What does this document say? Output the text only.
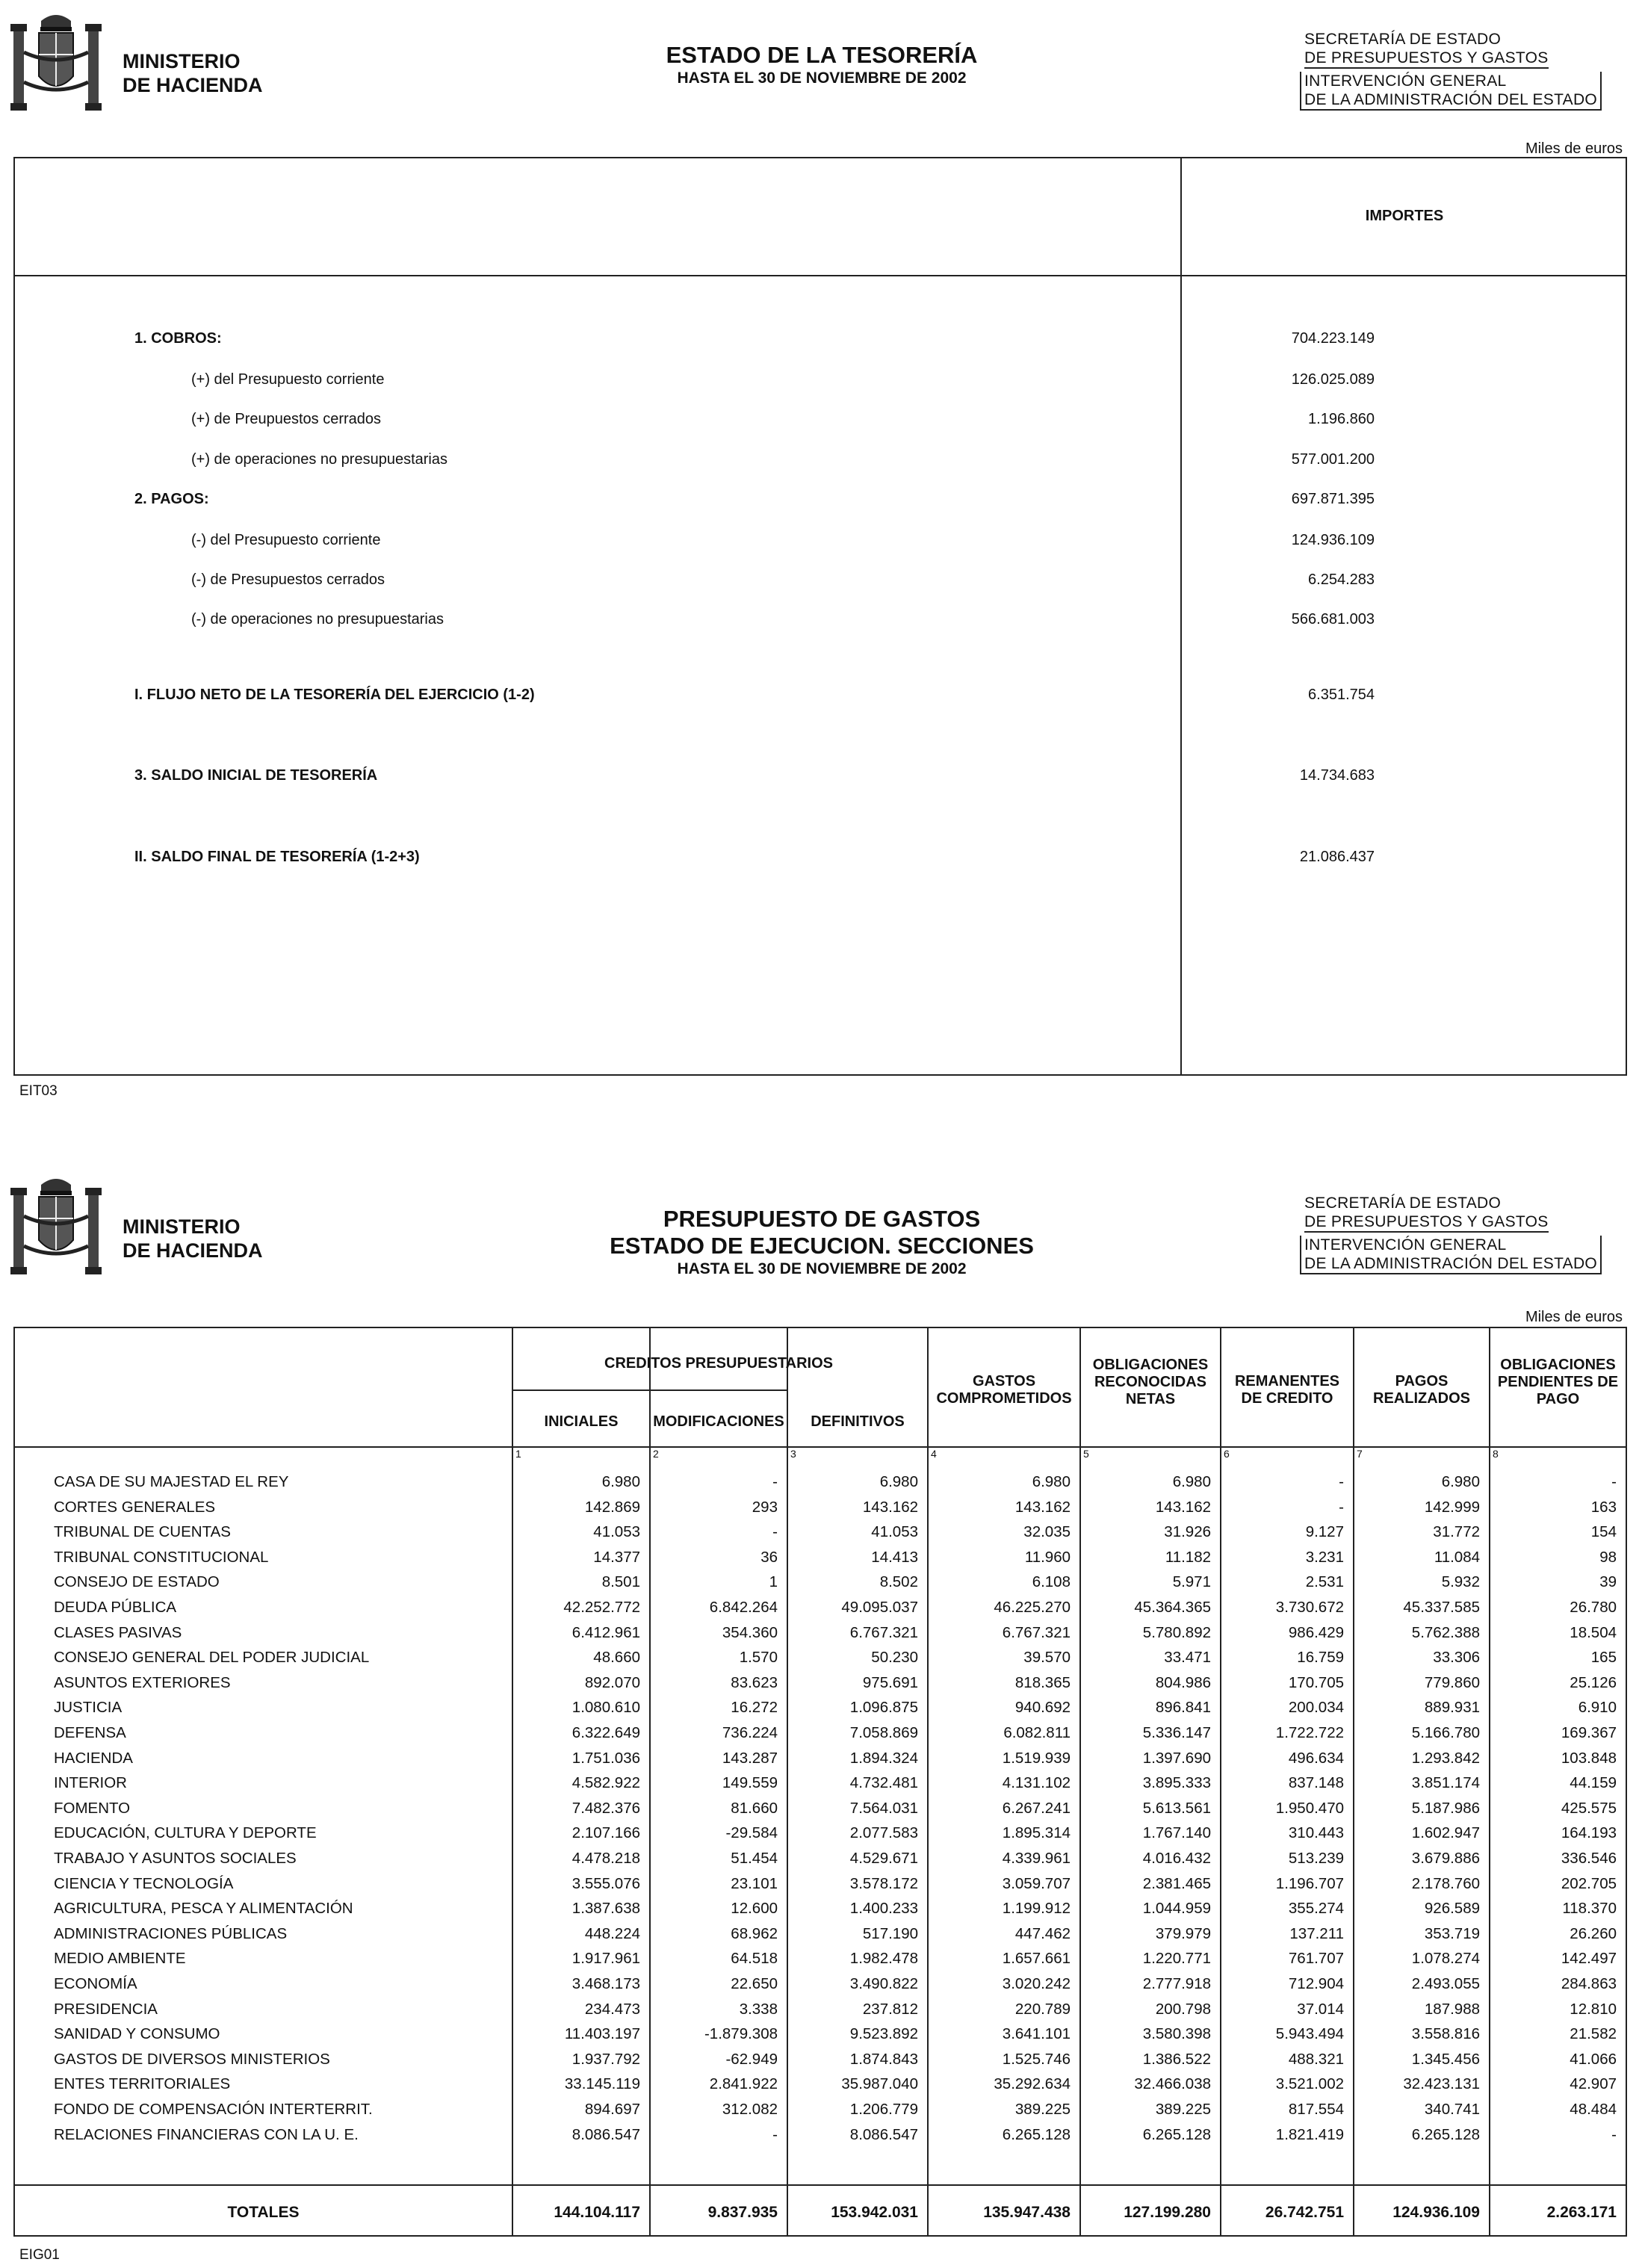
MINISTERIO
DE HACIENDA
ESTADO DE LA TESORERÍA
HASTA EL 30 DE NOVIEMBRE DE 2002
SECRETARÍA DE ESTADO
DE PRESUPUESTOS Y GASTOS
INTERVENCIÓN GENERAL
DE LA ADMINISTRACIÓN DEL ESTADO
Miles de euros
IMPORTES
1. COBROS:	704.223.149
(+) del Presupuesto corriente	126.025.089
(+) de Preupuestos cerrados	1.196.860
(+) de operaciones no presupuestarias	577.001.200
2. PAGOS:	697.871.395
(-) del Presupuesto corriente	124.936.109
(-) de Presupuestos cerrados	6.254.283
(-) de operaciones no presupuestarias	566.681.003
I. FLUJO NETO DE LA TESORERÍA DEL EJERCICIO (1-2)	6.351.754
3. SALDO INICIAL DE TESORERÍA	14.734.683
II. SALDO FINAL DE TESORERÍA (1-2+3)	21.086.437
EIT03
MINISTERIO
DE HACIENDA
PRESUPUESTO DE GASTOS
ESTADO DE EJECUCION. SECCIONES
HASTA EL 30 DE NOVIEMBRE DE 2002
SECRETARÍA DE ESTADO
DE PRESUPUESTOS Y GASTOS
INTERVENCIÓN GENERAL
DE LA ADMINISTRACIÓN DEL ESTADO
Miles de euros
CREDITOS PRESUPUESTARIOS
INICIALES	MODIFICACIONES	DEFINITIVOS
GASTOS
COMPROMETIDOS
OBLIGACIONES
RECONOCIDAS
NETAS
REMANENTES
DE CREDITO
PAGOS
REALIZADOS
OBLIGACIONES
PENDIENTES DE
PAGO
1	2	3	4	5	6	7	8
CASA DE SU MAJESTAD EL REY	6.980	-	6.980	6.980	6.980	-	6.980	-
CORTES GENERALES	142.869	293	143.162	143.162	143.162	-	142.999	163
TRIBUNAL DE CUENTAS	41.053	-	41.053	32.035	31.926	9.127	31.772	154
TRIBUNAL CONSTITUCIONAL	14.377	36	14.413	11.960	11.182	3.231	11.084	98
CONSEJO DE ESTADO	8.501	1	8.502	6.108	5.971	2.531	5.932	39
DEUDA PÚBLICA	42.252.772	6.842.264	49.095.037	46.225.270	45.364.365	3.730.672	45.337.585	26.780
CLASES PASIVAS	6.412.961	354.360	6.767.321	6.767.321	5.780.892	986.429	5.762.388	18.504
CONSEJO GENERAL DEL PODER JUDICIAL	48.660	1.570	50.230	39.570	33.471	16.759	33.306	165
ASUNTOS EXTERIORES	892.070	83.623	975.691	818.365	804.986	170.705	779.860	25.126
JUSTICIA	1.080.610	16.272	1.096.875	940.692	896.841	200.034	889.931	6.910
DEFENSA	6.322.649	736.224	7.058.869	6.082.811	5.336.147	1.722.722	5.166.780	169.367
HACIENDA	1.751.036	143.287	1.894.324	1.519.939	1.397.690	496.634	1.293.842	103.848
INTERIOR	4.582.922	149.559	4.732.481	4.131.102	3.895.333	837.148	3.851.174	44.159
FOMENTO	7.482.376	81.660	7.564.031	6.267.241	5.613.561	1.950.470	5.187.986	425.575
EDUCACIÓN, CULTURA Y DEPORTE	2.107.166	-29.584	2.077.583	1.895.314	1.767.140	310.443	1.602.947	164.193
TRABAJO Y ASUNTOS SOCIALES	4.478.218	51.454	4.529.671	4.339.961	4.016.432	513.239	3.679.886	336.546
CIENCIA Y TECNOLOGÍA	3.555.076	23.101	3.578.172	3.059.707	2.381.465	1.196.707	2.178.760	202.705
AGRICULTURA, PESCA Y ALIMENTACIÓN	1.387.638	12.600	1.400.233	1.199.912	1.044.959	355.274	926.589	118.370
ADMINISTRACIONES PÚBLICAS	448.224	68.962	517.190	447.462	379.979	137.211	353.719	26.260
MEDIO AMBIENTE	1.917.961	64.518	1.982.478	1.657.661	1.220.771	761.707	1.078.274	142.497
ECONOMÍA	3.468.173	22.650	3.490.822	3.020.242	2.777.918	712.904	2.493.055	284.863
PRESIDENCIA	234.473	3.338	237.812	220.789	200.798	37.014	187.988	12.810
SANIDAD Y CONSUMO	11.403.197	-1.879.308	9.523.892	3.641.101	3.580.398	5.943.494	3.558.816	21.582
GASTOS DE DIVERSOS MINISTERIOS	1.937.792	-62.949	1.874.843	1.525.746	1.386.522	488.321	1.345.456	41.066
ENTES TERRITORIALES	33.145.119	2.841.922	35.987.040	35.292.634	32.466.038	3.521.002	32.423.131	42.907
FONDO DE COMPENSACIÓN INTERTERRIT.	894.697	312.082	1.206.779	389.225	389.225	817.554	340.741	48.484
RELACIONES FINANCIERAS CON LA U. E.	8.086.547	-	8.086.547	6.265.128	6.265.128	1.821.419	6.265.128	-
TOTALES	144.104.117	9.837.935	153.942.031	135.947.438	127.199.280	26.742.751	124.936.109	2.263.171
EIG01
